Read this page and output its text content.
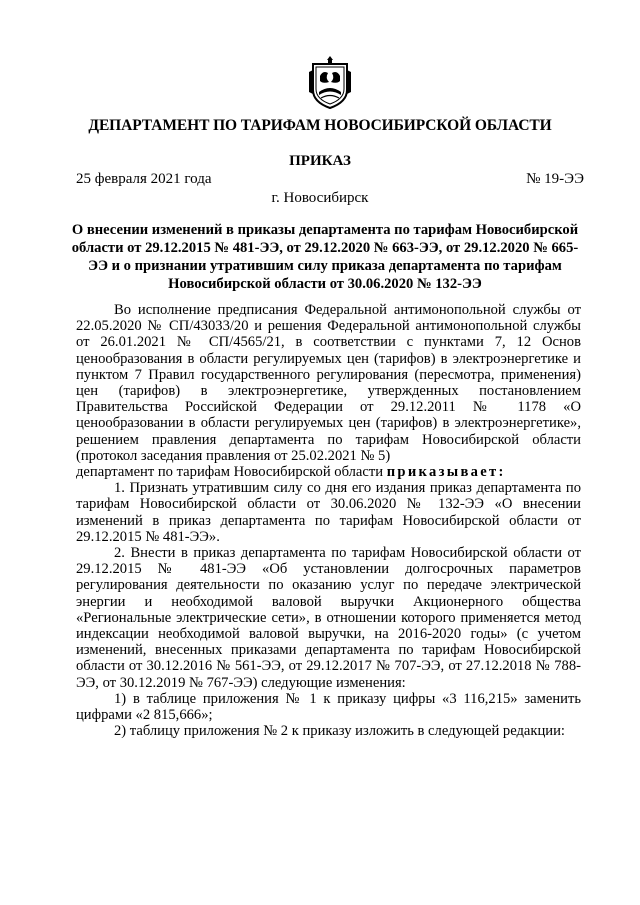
ДЕПАРТАМЕНТ ПО ТАРИФАМ НОВОСИБИРСКОЙ ОБЛАСТИ
ПРИКАЗ
25 февраля 2021 года	№ 19-ЭЭ
г. Новосибирск
О внесении изменений в приказы департамента по тарифам Новосибирской области от 29.12.2015 № 481-ЭЭ, от 29.12.2020 № 663-ЭЭ, от 29.12.2020 № 665-ЭЭ и о признании утратившим силу приказа департамента по тарифам Новосибирской области от 30.06.2020 № 132-ЭЭ

Во исполнение предписания Федеральной антимонопольной службы от 22.05.2020 № СП/43033/20 и решения Федеральной антимонопольной службы от 26.01.2021 № СП/4565/21, в соответствии с пунктами 7, 12 Основ ценообразования в области регулируемых цен (тарифов) в электроэнергетике и пунктом 7 Правил государственного регулирования (пересмотра, применения) цен (тарифов) в электроэнергетике, утвержденных постановлением Правительства Российской Федерации от 29.12.2011 № 1178 «О ценообразовании в области регулируемых цен (тарифов) в электроэнергетике», решением правления департамента по тарифам Новосибирской области (протокол заседания правления от 25.02.2021 № 5)

департамент по тарифам Новосибирской области приказывает:

1. Признать утратившим силу со дня его издания приказ департамента по тарифам Новосибирской области от 30.06.2020 № 132-ЭЭ «О внесении изменений в приказ департамента по тарифам Новосибирской области от 29.12.2015 № 481-ЭЭ».

2. Внести в приказ департамента по тарифам Новосибирской области от 29.12.2015 № 481-ЭЭ «Об установлении долгосрочных параметров регулирования деятельности по оказанию услуг по передаче электрической энергии и необходимой валовой выручки Акционерного общества «Региональные электрические сети», в отношении которого применяется метод индексации необходимой валовой выручки, на 2016-2020 годы» (с учетом изменений, внесенных приказами департамента по тарифам Новосибирской области от 30.12.2016 № 561-ЭЭ, от 29.12.2017 № 707-ЭЭ, от 27.12.2018 № 788-ЭЭ, от 30.12.2019 № 767-ЭЭ) следующие изменения:

1) в таблице приложения № 1 к приказу цифры «3 116,215» заменить цифрами «2 815,666»;

2) таблицу приложения № 2 к приказу изложить в следующей редакции:
